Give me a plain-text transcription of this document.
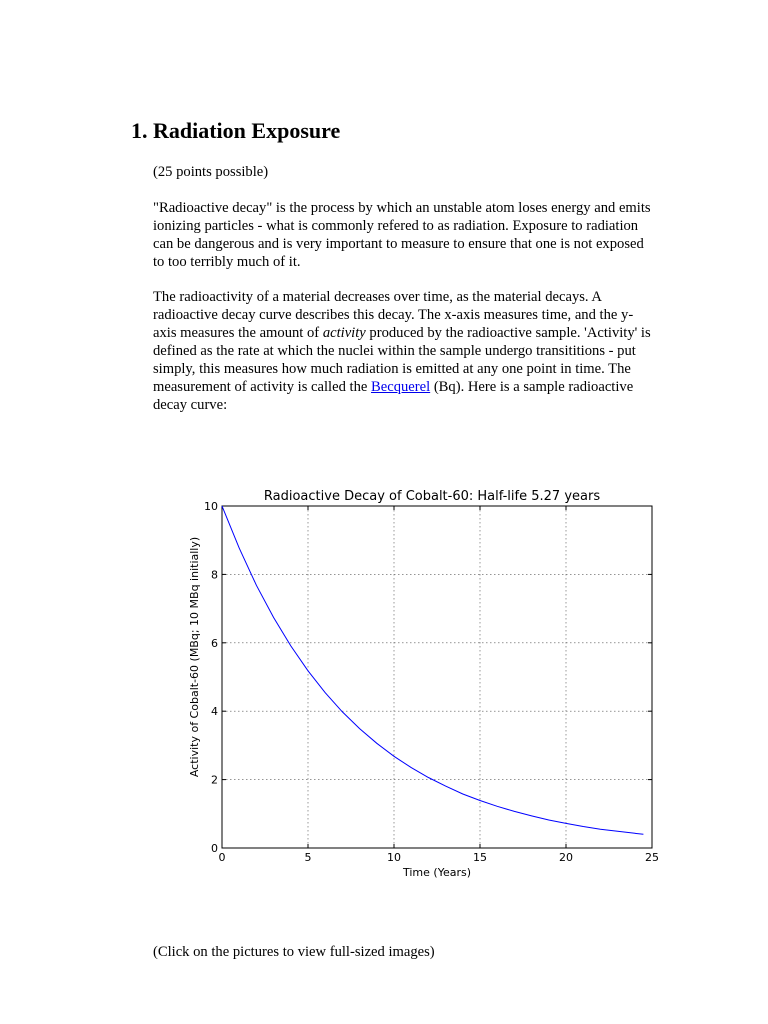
1. Radiation Exposure

(25 points possible)

"Radioactive decay" is the process by which an unstable atom loses energy and emits ionizing particles - what is commonly refered to as radiation. Exposure to radiation can be dangerous and is very important to measure to ensure that one is not exposed to too terribly much of it.

The radioactivity of a material decreases over time, as the material decays. A radioactive decay curve describes this decay. The x-axis measures time, and the y-axis measures the amount of activity produced by the radioactive sample. 'Activity' is defined as the rate at which the nuclei within the sample undergo transititions - put simply, this measures how much radiation is emitted at any one point in time. The measurement of activity is called the Becquerel (Bq). Here is a sample radioactive decay curve:

0	5	10	15	20	25
0
2
4
6
8
10
Radioactive Decay of Cobalt-60: Half-life 5.27 years
Time (Years)
Activity of Cobalt-60 (MBq; 10 MBq initially)

(Click on the pictures to view full-sized images)
